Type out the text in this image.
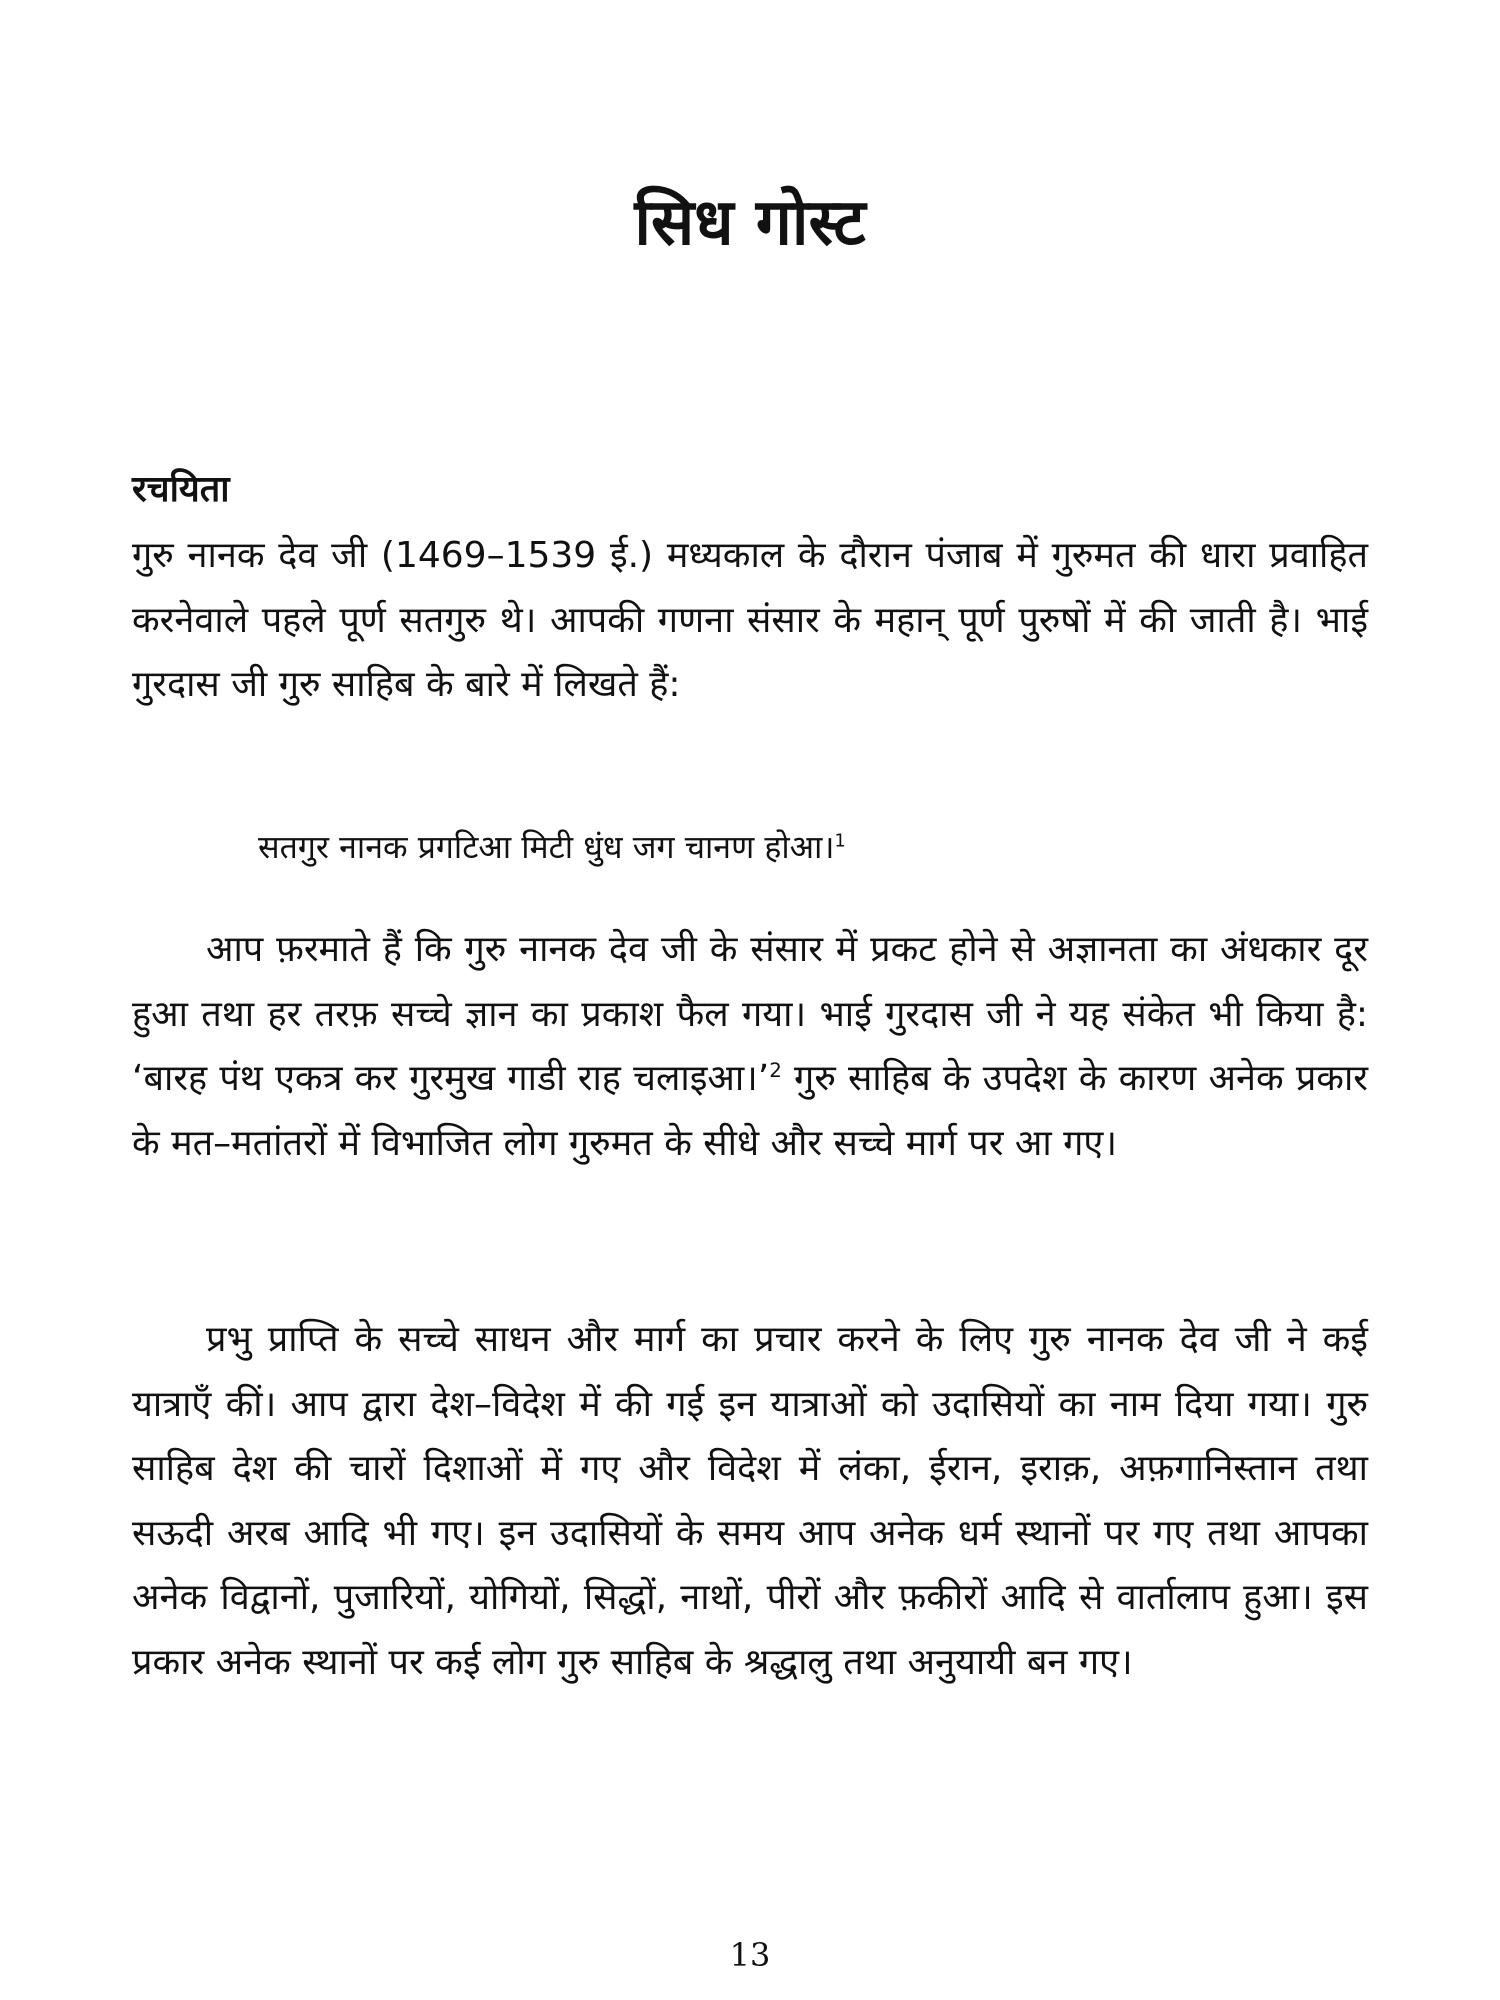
सिध गोस्ट
रचयिता

गुरु नानक देव जी (1469–1539 ई.) मध्यकाल के दौरान पंजाब में गुरुमत की धारा प्रवाहित करनेवाले पहले पूर्ण सतगुरु थे। आपकी गणना संसार के महान् पूर्ण पुरुषों में की जाती है। भाई गुरदास जी गुरु साहिब के बारे में लिखते हैं:

सतगुर नानक प्रगटिआ मिटी धुंध जग चानण होआ।$^1$

आप फ़रमाते हैं कि गुरु नानक देव जी के संसार में प्रकट होने से अज्ञानता का अंधकार दूर हुआ तथा हर तरफ़ सच्चे ज्ञान का प्रकाश फैल गया। भाई गुरदास जी ने यह संकेत भी किया है: ‘बारह पंथ एकत्र कर गुरमुख गाडी राह चलाइआ।’$^2$ गुरु साहिब के उपदेश के कारण अनेक प्रकार के मत–मतांतरों में विभाजित लोग गुरुमत के सीधे और सच्चे मार्ग पर आ गए।

प्रभु प्राप्ति के सच्चे साधन और मार्ग का प्रचार करने के लिए गुरु नानक देव जी ने कई यात्राएँ कीं। आप द्वारा देश–विदेश में की गई इन यात्राओं को उदासियों का नाम दिया गया। गुरु साहिब देश की चारों दिशाओं में गए और विदेश में लंका, ईरान, इराक़, अफ़गानिस्तान तथा सऊदी अरब आदि भी गए। इन उदासियों के समय आप अनेक धर्म स्थानों पर गए तथा आपका अनेक विद्वानों, पुजारियों, योगियों, सिद्धों, नाथों, पीरों और फ़कीरों आदि से वार्तालाप हुआ। इस प्रकार अनेक स्थानों पर कई लोग गुरु साहिब के श्रद्धालु तथा अनुयायी बन गए।

13
